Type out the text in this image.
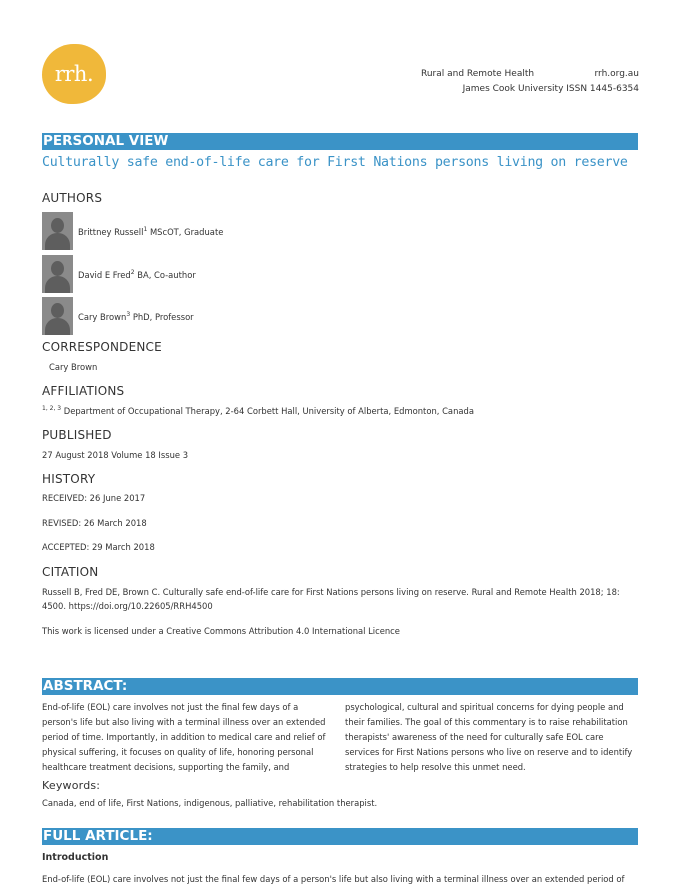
rrh.	Rural and Remote Health	rrh.org.au
James Cook University ISSN 1445-6354
PERSONAL VIEW
Culturally safe end-of-life care for First Nations persons living on reserve
AUTHORS
Brittney Russell$^1$ MScOT, Graduate
David E Fred$^2$ BA, Co-author
Cary Brown$^3$ PhD, Professor
CORRESPONDENCE
Cary Brown
AFFILIATIONS
$^{1, 2, 3}$ Department of Occupational Therapy, 2-64 Corbett Hall, University of Alberta, Edmonton, Canada
PUBLISHED
27 August 2018 Volume 18 Issue 3
HISTORY
RECEIVED: 26 June 2017
REVISED: 26 March 2018
ACCEPTED: 29 March 2018
CITATION
Russell B, Fred DE, Brown C. Culturally safe end-of-life care for First Nations persons living on reserve. Rural and Remote Health 2018; 18:
4500. https://doi.org/10.22605/RRH4500
This work is licensed under a Creative Commons Attribution 4.0 International Licence
ABSTRACT:
End-of-life (EOL) care involves not just the final few days of a
person's life but also living with a terminal illness over an extended
period of time. Importantly, in addition to medical care and relief of
physical suffering, it focuses on quality of life, honoring personal
healthcare treatment decisions, supporting the family, and
psychological, cultural and spiritual concerns for dying people and
their families. The goal of this commentary is to raise rehabilitation
therapists' awareness of the need for culturally safe EOL care
services for First Nations persons who live on reserve and to identify
strategies to help resolve this unmet need.
Keywords:
Canada, end of life, First Nations, indigenous, palliative, rehabilitation therapist.
FULL ARTICLE:
Introduction
End-of-life (EOL) care involves not just the final few days of a person's life but also living with a terminal illness over an extended period of
